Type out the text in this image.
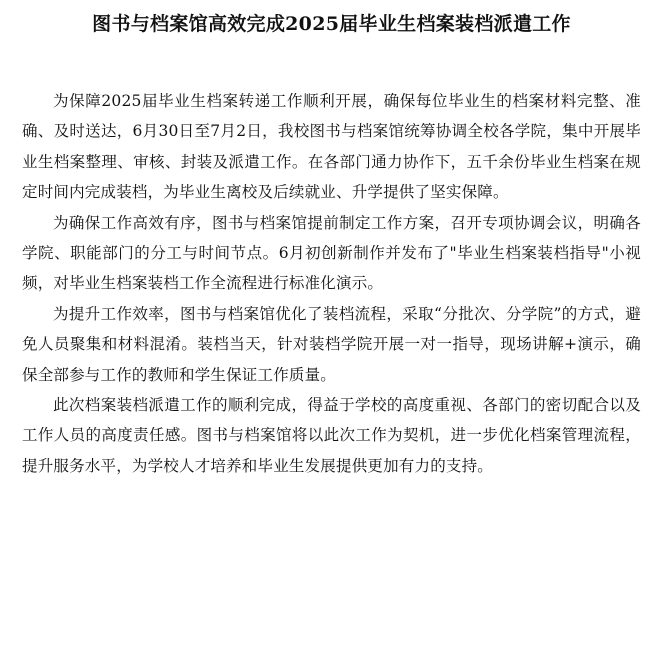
图书与档案馆高效完成2025届毕业生档案装档派遣工作

为保障2025届毕业生档案转递工作顺利开展，确保每位毕业生的档案材料完整、准确、及时送达，6月30日至7月2日，我校图书与档案馆统筹协调全校各学院，集中开展毕业生档案整理、审核、封装及派遣工作。在各部门通力协作下，五千余份毕业生档案在规定时间内完成装档，为毕业生离校及后续就业、升学提供了坚实保障。

为确保工作高效有序，图书与档案馆提前制定工作方案，召开专项协调会议，明确各学院、职能部门的分工与时间节点。6月初创新制作并发布了"毕业生档案装档指导"小视频，对毕业生档案装档工作全流程进行标准化演示。

为提升工作效率，图书与档案馆优化了装档流程，采取“分批次、分学院”的方式，避免人员聚集和材料混淆。装档当天，针对装档学院开展一对一指导，现场讲解+演示，确保全部参与工作的教师和学生保证工作质量。

此次档案装档派遣工作的顺利完成，得益于学校的高度重视、各部门的密切配合以及工作人员的高度责任感。图书与档案馆将以此次工作为契机，进一步优化档案管理流程，提升服务水平，为学校人才培养和毕业生发展提供更加有力的支持。
